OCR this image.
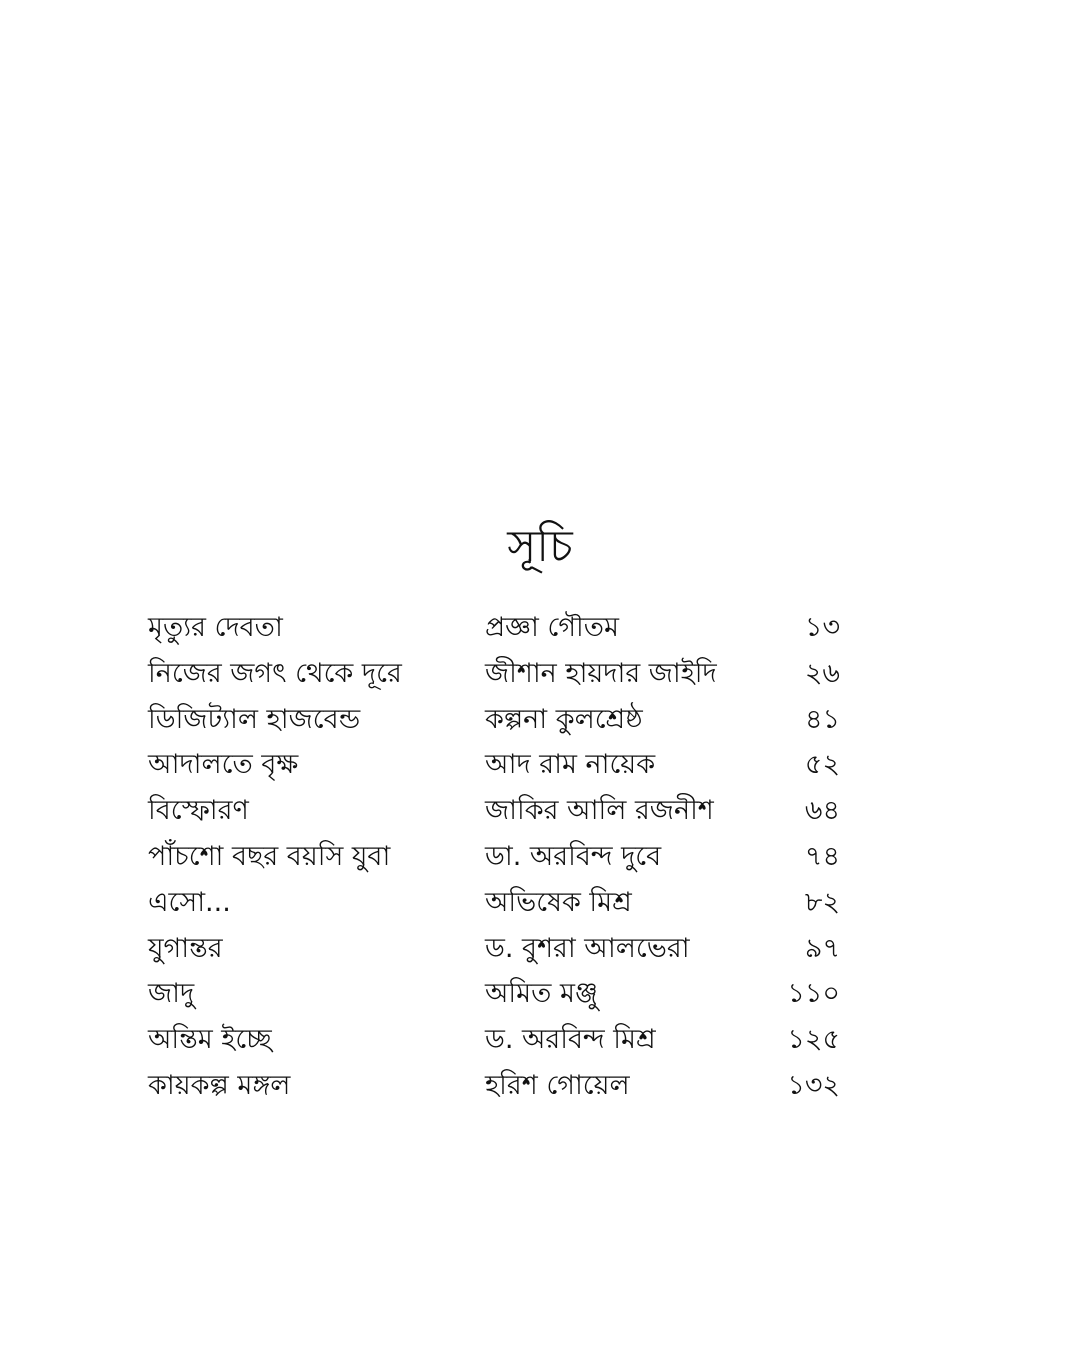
সূচি
মৃত্যুর দেবতা	প্রজ্ঞা গৌতম	১৩
নিজের জগৎ থেকে দূরে	জীশান হায়দার জাইদি	২৬
ডিজিট্যাল হাজবেন্ড	কল্পনা কুলশ্রেষ্ঠ	৪১
আদালতে বৃক্ষ	আদ রাম নায়েক	৫২
বিস্ফোরণ	জাকির আলি রজনীশ	৬৪
পাঁচশো বছর বয়সি যুবা	ডা. অরবিন্দ দুবে	৭৪
এসো...	অভিষেক মিশ্র	৮২
যুগান্তর	ড. বুশরা আলভেরা	৯৭
জাদু	অমিত মঞ্জু	১১০
অন্তিম ইচ্ছে	ড. অরবিন্দ মিশ্র	১২৫
কায়কল্প মঙ্গল	হরিশ গোয়েল	১৩২
